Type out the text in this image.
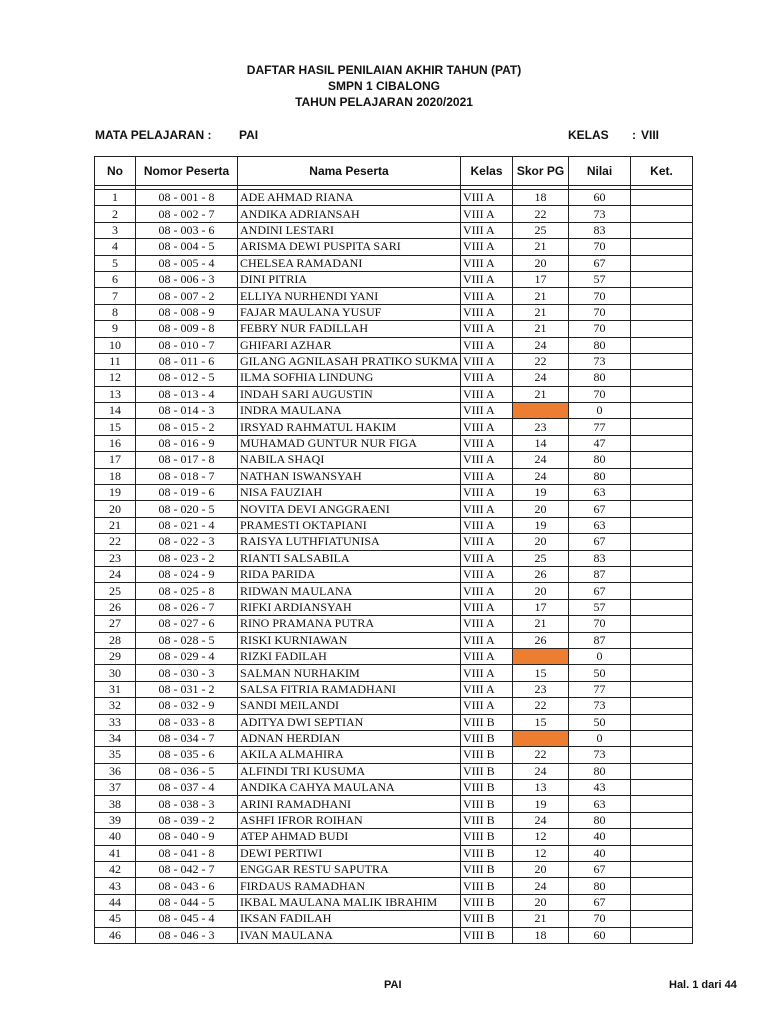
DAFTAR HASIL PENILAIAN AKHIR TAHUN (PAT)
SMPN 1 CIBALONG
TAHUN PELAJARAN 2020/2021
MATA PELAJARAN : PAI	KELAS : VIII
No	Nomor Peserta	Nama Peserta	Kelas	Skor PG	Nilai	Ket.

1	08 - 001 - 8	ADE AHMAD RIANA	VIII A	18	60	
2	08 - 002 - 7	ANDIKA ADRIANSAH	VIII A	22	73	
3	08 - 003 - 6	ANDINI LESTARI	VIII A	25	83	
4	08 - 004 - 5	ARISMA DEWI PUSPITA SARI	VIII A	21	70	
5	08 - 005 - 4	CHELSEA RAMADANI	VIII A	20	67	
6	08 - 006 - 3	DINI PITRIA	VIII A	17	57	
7	08 - 007 - 2	ELLIYA NURHENDI YANI	VIII A	21	70	
8	08 - 008 - 9	FAJAR MAULANA YUSUF	VIII A	21	70	
9	08 - 009 - 8	FEBRY NUR FADILLAH	VIII A	21	70	
10	08 - 010 - 7	GHIFARI AZHAR	VIII A	24	80	
11	08 - 011 - 6	GILANG AGNILASAH PRATIKO SUKMA	VIII A	22	73	
12	08 - 012 - 5	ILMA SOFHIA LINDUNG	VIII A	24	80	
13	08 - 013 - 4	INDAH SARI AUGUSTIN	VIII A	21	70	
14	08 - 014 - 3	INDRA MAULANA	VIII A		0	
15	08 - 015 - 2	IRSYAD RAHMATUL HAKIM	VIII A	23	77	
16	08 - 016 - 9	MUHAMAD GUNTUR NUR FIGA	VIII A	14	47	
17	08 - 017 - 8	NABILA SHAQI	VIII A	24	80	
18	08 - 018 - 7	NATHAN ISWANSYAH	VIII A	24	80	
19	08 - 019 - 6	NISA FAUZIAH	VIII A	19	63	
20	08 - 020 - 5	NOVITA DEVI ANGGRAENI	VIII A	20	67	
21	08 - 021 - 4	PRAMESTI OKTAPIANI	VIII A	19	63	
22	08 - 022 - 3	RAISYA LUTHFIATUNISA	VIII A	20	67	
23	08 - 023 - 2	RIANTI SALSABILA	VIII A	25	83	
24	08 - 024 - 9	RIDA PARIDA	VIII A	26	87	
25	08 - 025 - 8	RIDWAN MAULANA	VIII A	20	67	
26	08 - 026 - 7	RIFKI ARDIANSYAH	VIII A	17	57	
27	08 - 027 - 6	RINO PRAMANA PUTRA	VIII A	21	70	
28	08 - 028 - 5	RISKI KURNIAWAN	VIII A	26	87	
29	08 - 029 - 4	RIZKI FADILAH	VIII A		0	
30	08 - 030 - 3	SALMAN NURHAKIM	VIII A	15	50	
31	08 - 031 - 2	SALSA FITRIA RAMADHANI	VIII A	23	77	
32	08 - 032 - 9	SANDI MEILANDI	VIII A	22	73	
33	08 - 033 - 8	ADITYA DWI SEPTIAN	VIII B	15	50	
34	08 - 034 - 7	ADNAN HERDIAN	VIII B		0	
35	08 - 035 - 6	AKILA ALMAHIRA	VIII B	22	73	
36	08 - 036 - 5	ALFINDI TRI KUSUMA	VIII B	24	80	
37	08 - 037 - 4	ANDIKA CAHYA MAULANA	VIII B	13	43	
38	08 - 038 - 3	ARINI RAMADHANI	VIII B	19	63	
39	08 - 039 - 2	ASHFI IFROR ROIHAN	VIII B	24	80	
40	08 - 040 - 9	ATEP AHMAD BUDI	VIII B	12	40	
41	08 - 041 - 8	DEWI PERTIWI	VIII B	12	40	
42	08 - 042 - 7	ENGGAR RESTU SAPUTRA	VIII B	20	67	
43	08 - 043 - 6	FIRDAUS RAMADHAN	VIII B	24	80	
44	08 - 044 - 5	IKBAL MAULANA MALIK IBRAHIM	VIII B	20	67	
45	08 - 045 - 4	IKSAN FADILAH	VIII B	21	70	
46	08 - 046 - 3	IVAN MAULANA	VIII B	18	60	
PAI	Hal. 1 dari 44
